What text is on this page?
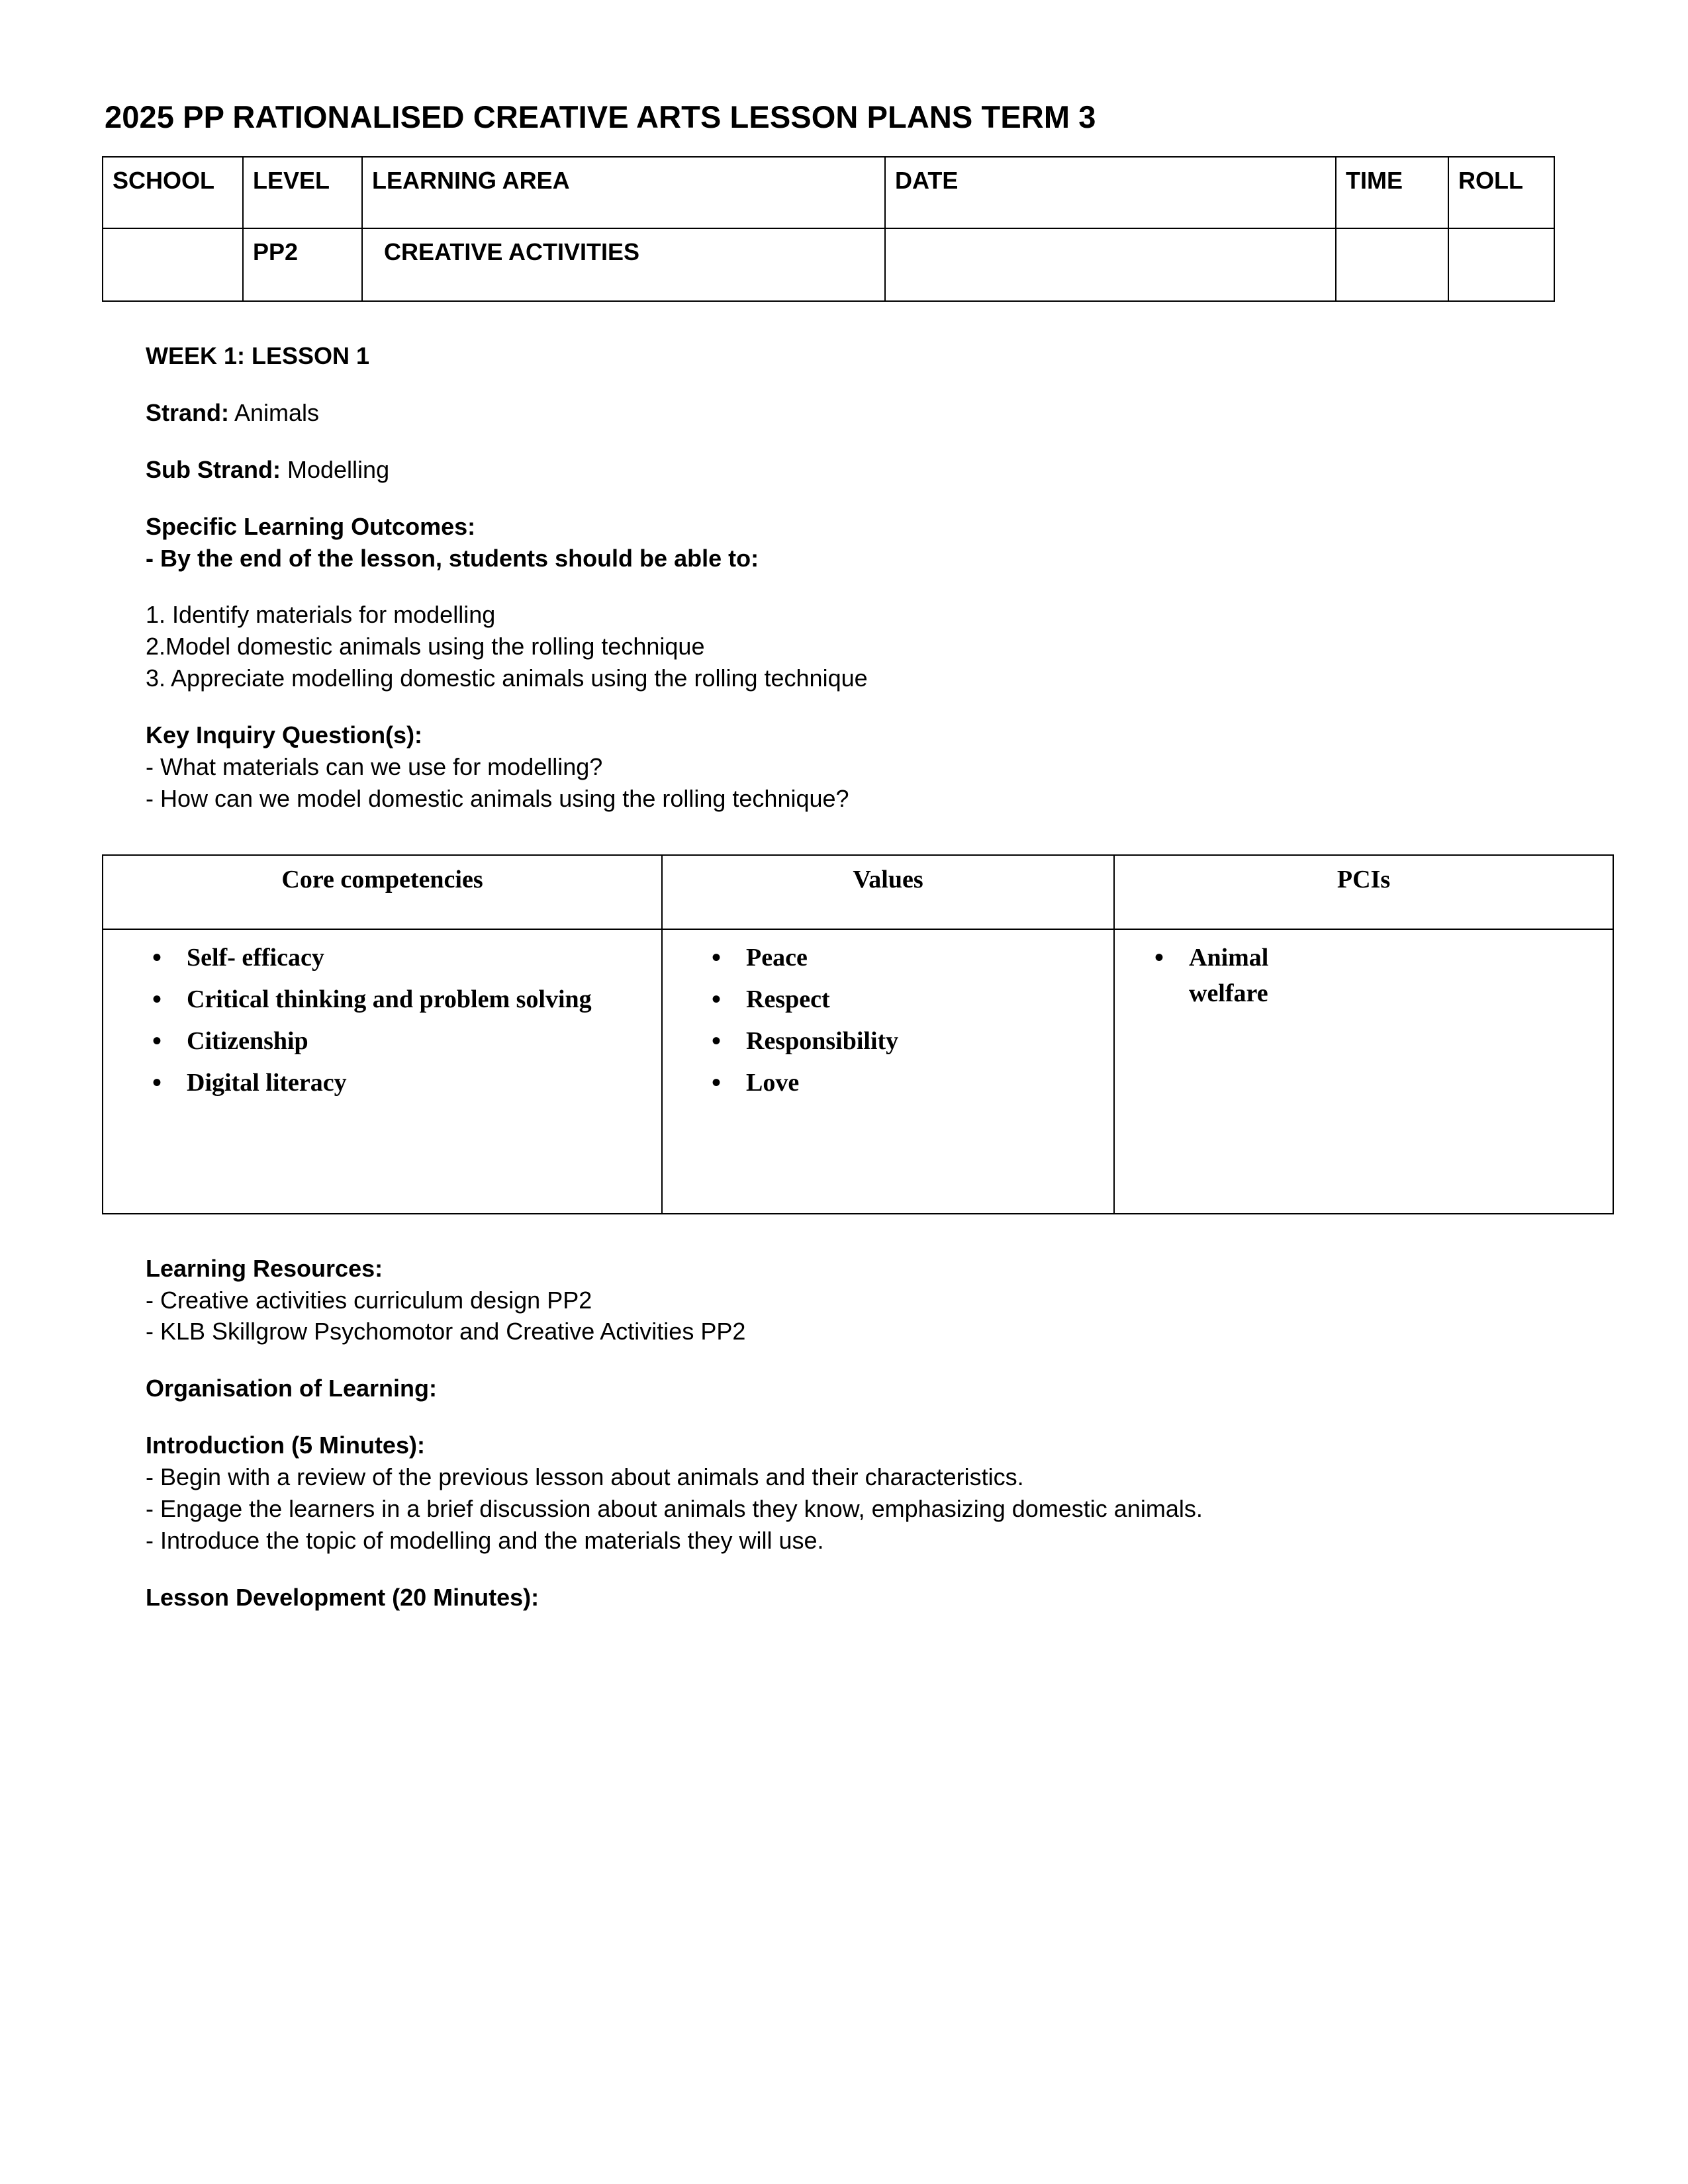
2025 PP RATIONALISED CREATIVE ARTS LESSON PLANS TERM 3
SCHOOL	LEVEL	LEARNING AREA	DATE	TIME	ROLL
	PP2	CREATIVE ACTIVITIES			

WEEK 1: LESSON 1

Strand: Animals

Sub Strand: Modelling

Specific Learning Outcomes:

- By the end of the lesson, students should be able to:

1. Identify materials for modelling

2.Model domestic animals using the rolling technique

3. Appreciate modelling domestic animals using the rolling technique

Key Inquiry Question(s):

- What materials can we use for modelling?

- How can we model domestic animals using the rolling technique?

Core competencies	Values	PCIs

• Self- efficacy
• Critical thinking and problem solving
• Citizenship
• Digital literacy

• Peace
• Respect
• Responsibility
• Love

• Animal welfare

Learning Resources:

- Creative activities curriculum design PP2

- KLB Skillgrow Psychomotor and Creative Activities PP2

Organisation of Learning:

Introduction (5 Minutes):

- Begin with a review of the previous lesson about animals and their characteristics.

- Engage the learners in a brief discussion about animals they know, emphasizing domestic animals.

- Introduce the topic of modelling and the materials they will use.

Lesson Development (20 Minutes):
